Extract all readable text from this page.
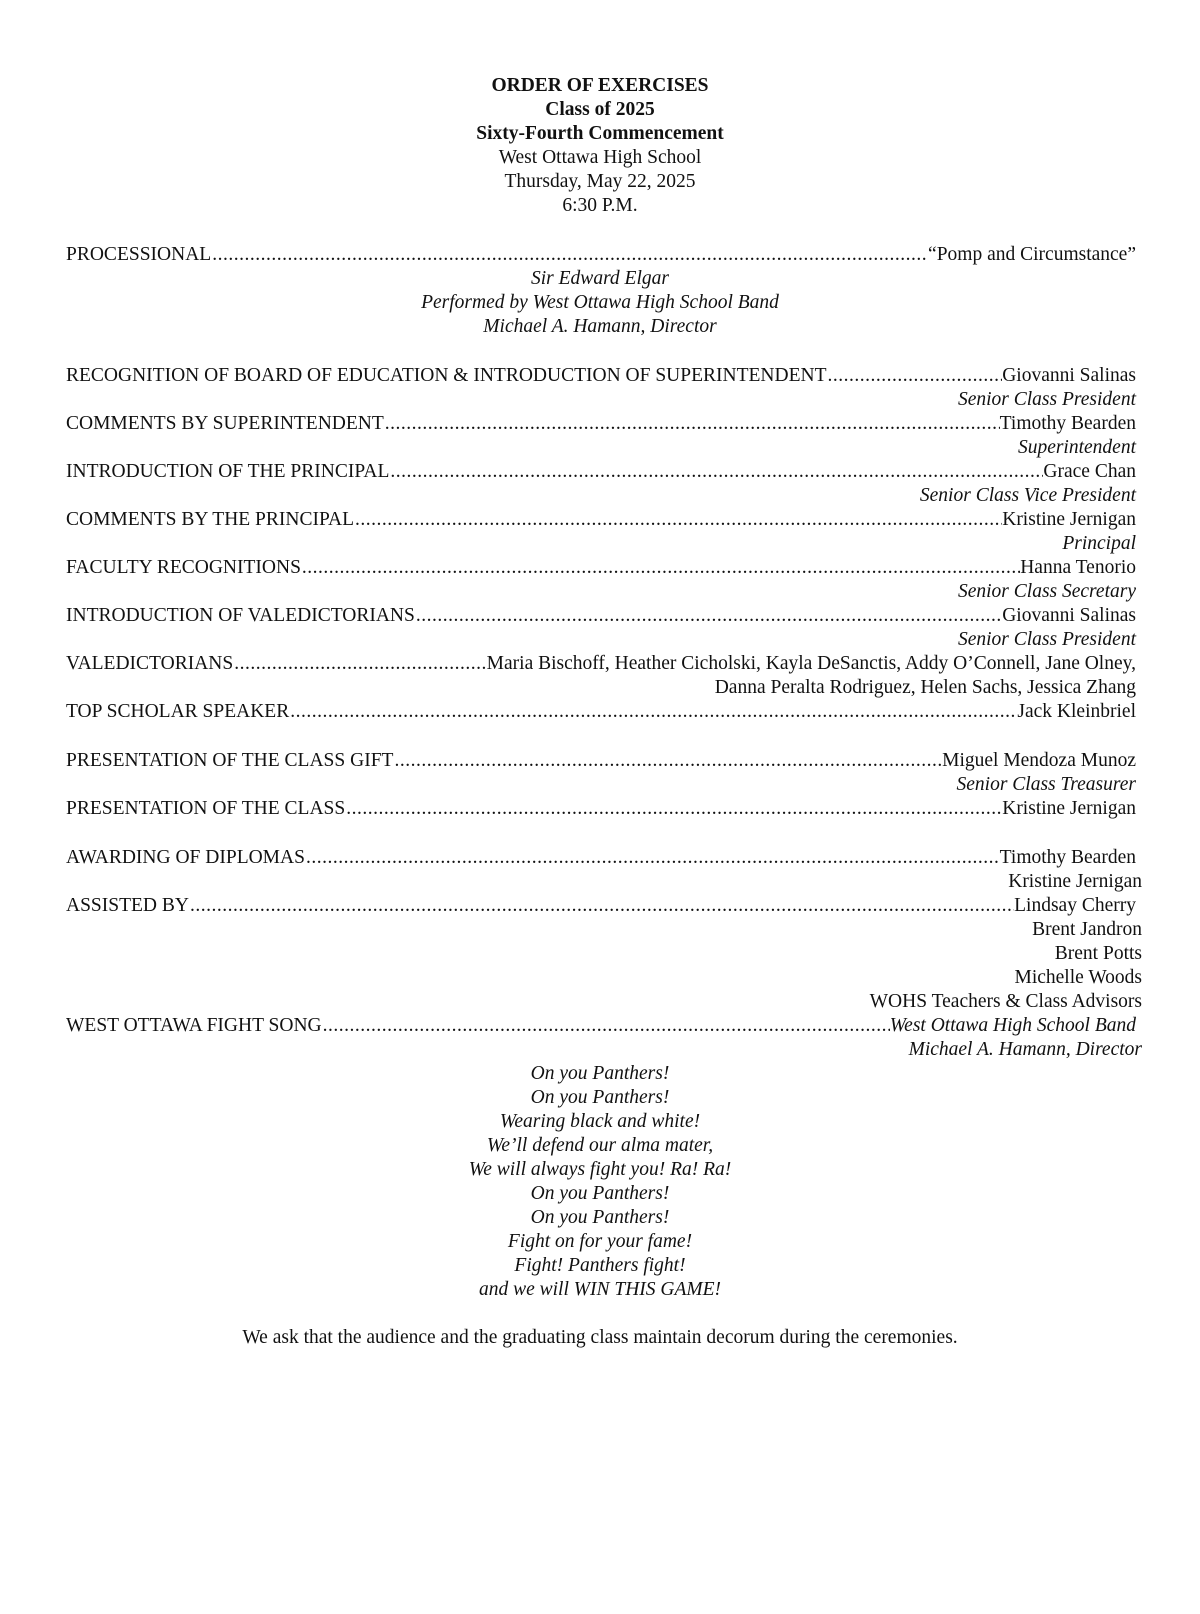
ORDER OF EXERCISES
Class of 2025
Sixty-Fourth Commencement
West Ottawa High School
Thursday, May 22, 2025
6:30 P.M.
PROCESSIONAL .....	“Pomp and Circumstance”
Sir Edward Elgar
Performed by West Ottawa High School Band
Michael A. Hamann, Director
RECOGNITION OF BOARD OF EDUCATION & INTRODUCTION OF SUPERINTENDENT .....	Giovanni Salinas
Senior Class President
COMMENTS BY SUPERINTENDENT .....	Timothy Bearden
Superintendent
INTRODUCTION OF THE PRINCIPAL .....	Grace Chan
Senior Class Vice President
COMMENTS BY THE PRINCIPAL .....	Kristine Jernigan
Principal
FACULTY RECOGNITIONS .....	Hanna Tenorio
Senior Class Secretary
INTRODUCTION OF VALEDICTORIANS .....	Giovanni Salinas
Senior Class President
VALEDICTORIANS .....	Maria Bischoff, Heather Cicholski, Kayla DeSanctis, Addy O’Connell, Jane Olney,
Danna Peralta Rodriguez, Helen Sachs, Jessica Zhang
TOP SCHOLAR SPEAKER .....	Jack Kleinbriel
PRESENTATION OF THE CLASS GIFT .....	Miguel Mendoza Munoz
Senior Class Treasurer
PRESENTATION OF THE CLASS .....	Kristine Jernigan
AWARDING OF DIPLOMAS .....	Timothy Bearden
Kristine Jernigan
ASSISTED BY .....	Lindsay Cherry
Brent Jandron
Brent Potts
Michelle Woods
WOHS Teachers & Class Advisors
WEST OTTAWA FIGHT SONG .....	West Ottawa High School Band
Michael A. Hamann, Director
On you Panthers!
On you Panthers!
Wearing black and white!
We’ll defend our alma mater,
We will always fight you! Ra! Ra!
On you Panthers!
On you Panthers!
Fight on for your fame!
Fight! Panthers fight!
and we will WIN THIS GAME!
We ask that the audience and the graduating class maintain decorum during the ceremonies.
